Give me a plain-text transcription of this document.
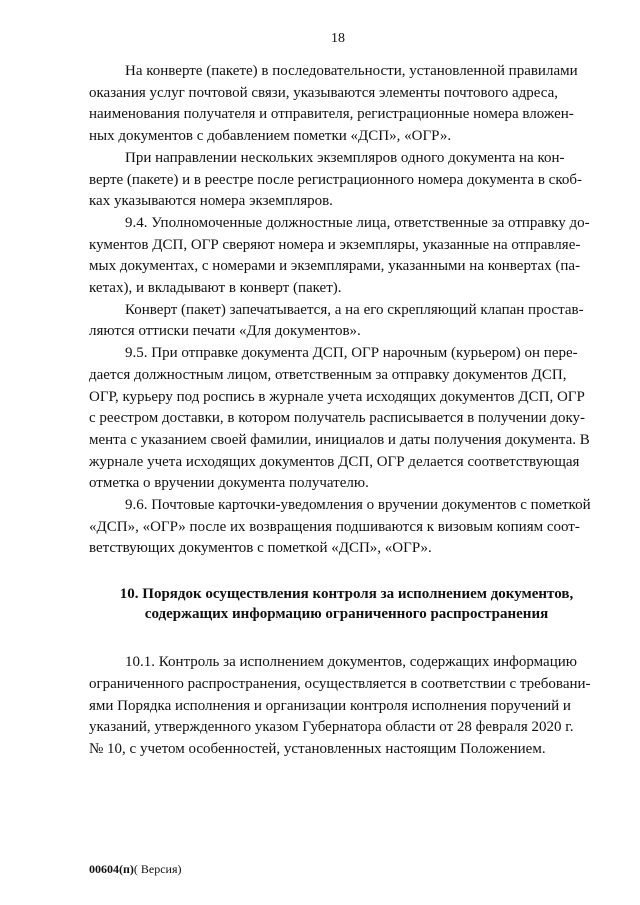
18

На конверте (пакете) в последовательности, установленной правилами
оказания услуг почтовой связи, указываются элементы почтового адреса,
наименования получателя и отправителя, регистрационные номера вложен-
ных документов с добавлением пометки «ДСП», «ОГР».

При направлении нескольких экземпляров одного документа на кон-
верте (пакете) и в реестре после регистрационного номера документа в скоб-
ках указываются номера экземпляров.

9.4. Уполномоченные должностные лица, ответственные за отправку до-
кументов ДСП, ОГР сверяют номера и экземпляры, указанные на отправляе-
мых документах, с номерами и экземплярами, указанными на конвертах (па-
кетах), и вкладывают в конверт (пакет).

Конверт (пакет) запечатывается, а на его скрепляющий клапан простав-
ляются оттиски печати «Для документов».

9.5. При отправке документа ДСП, ОГР нарочным (курьером) он пере-
дается должностным лицом, ответственным за отправку документов ДСП,
ОГР, курьеру под роспись в журнале учета исходящих документов ДСП, ОГР
с реестром доставки, в котором получатель расписывается в получении доку-
мента с указанием своей фамилии, инициалов и даты получения документа. В
журнале учета исходящих документов ДСП, ОГР делается соответствующая
отметка о вручении документа получателю.

9.6. Почтовые карточки-уведомления о вручении документов с пометкой
«ДСП», «ОГР» после их возвращения подшиваются к визовым копиям соот-
ветствующих документов с пометкой «ДСП», «ОГР».

10. Порядок осуществления контроля за исполнением документов,
содержащих информацию ограниченного распространения

10.1. Контроль за исполнением документов, содержащих информацию
ограниченного распространения, осуществляется в соответствии с требовани-
ями Порядка исполнения и организации контроля исполнения поручений и
указаний, утвержденного указом Губернатора области от 28 февраля 2020 г.
№ 10, с учетом особенностей, установленных настоящим Положением.

00604(п)( Версия)
